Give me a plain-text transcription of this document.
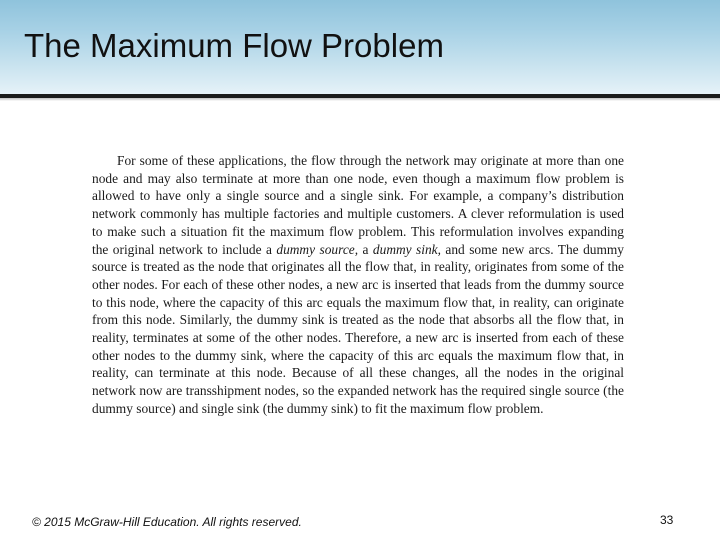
The Maximum Flow Problem

For some of these applications, the flow through the network may originate at more than one node and may also terminate at more than one node, even though a maximum flow problem is allowed to have only a single source and a single sink. For example, a company’s distribution network commonly has multiple factories and multiple customers. A clever reformulation is used to make such a situation fit the maximum flow problem. This reformulation involves expanding the original network to include a dummy source, a dummy sink, and some new arcs. The dummy source is treated as the node that originates all the flow that, in reality, originates from some of the other nodes. For each of these other nodes, a new arc is inserted that leads from the dummy source to this node, where the capacity of this arc equals the maximum flow that, in reality, can originate from this node. Similarly, the dummy sink is treated as the node that absorbs all the flow that, in reality, terminates at some of the other nodes. Therefore, a new arc is inserted from each of these other nodes to the dummy sink, where the capacity of this arc equals the maximum flow that, in reality, can terminate at this node. Because of all these changes, all the nodes in the original network now are transshipment nodes, so the expanded network has the required single source (the dummy source) and single sink (the dummy sink) to fit the maximum flow problem.

© 2015 McGraw-Hill Education. All rights reserved.	33
